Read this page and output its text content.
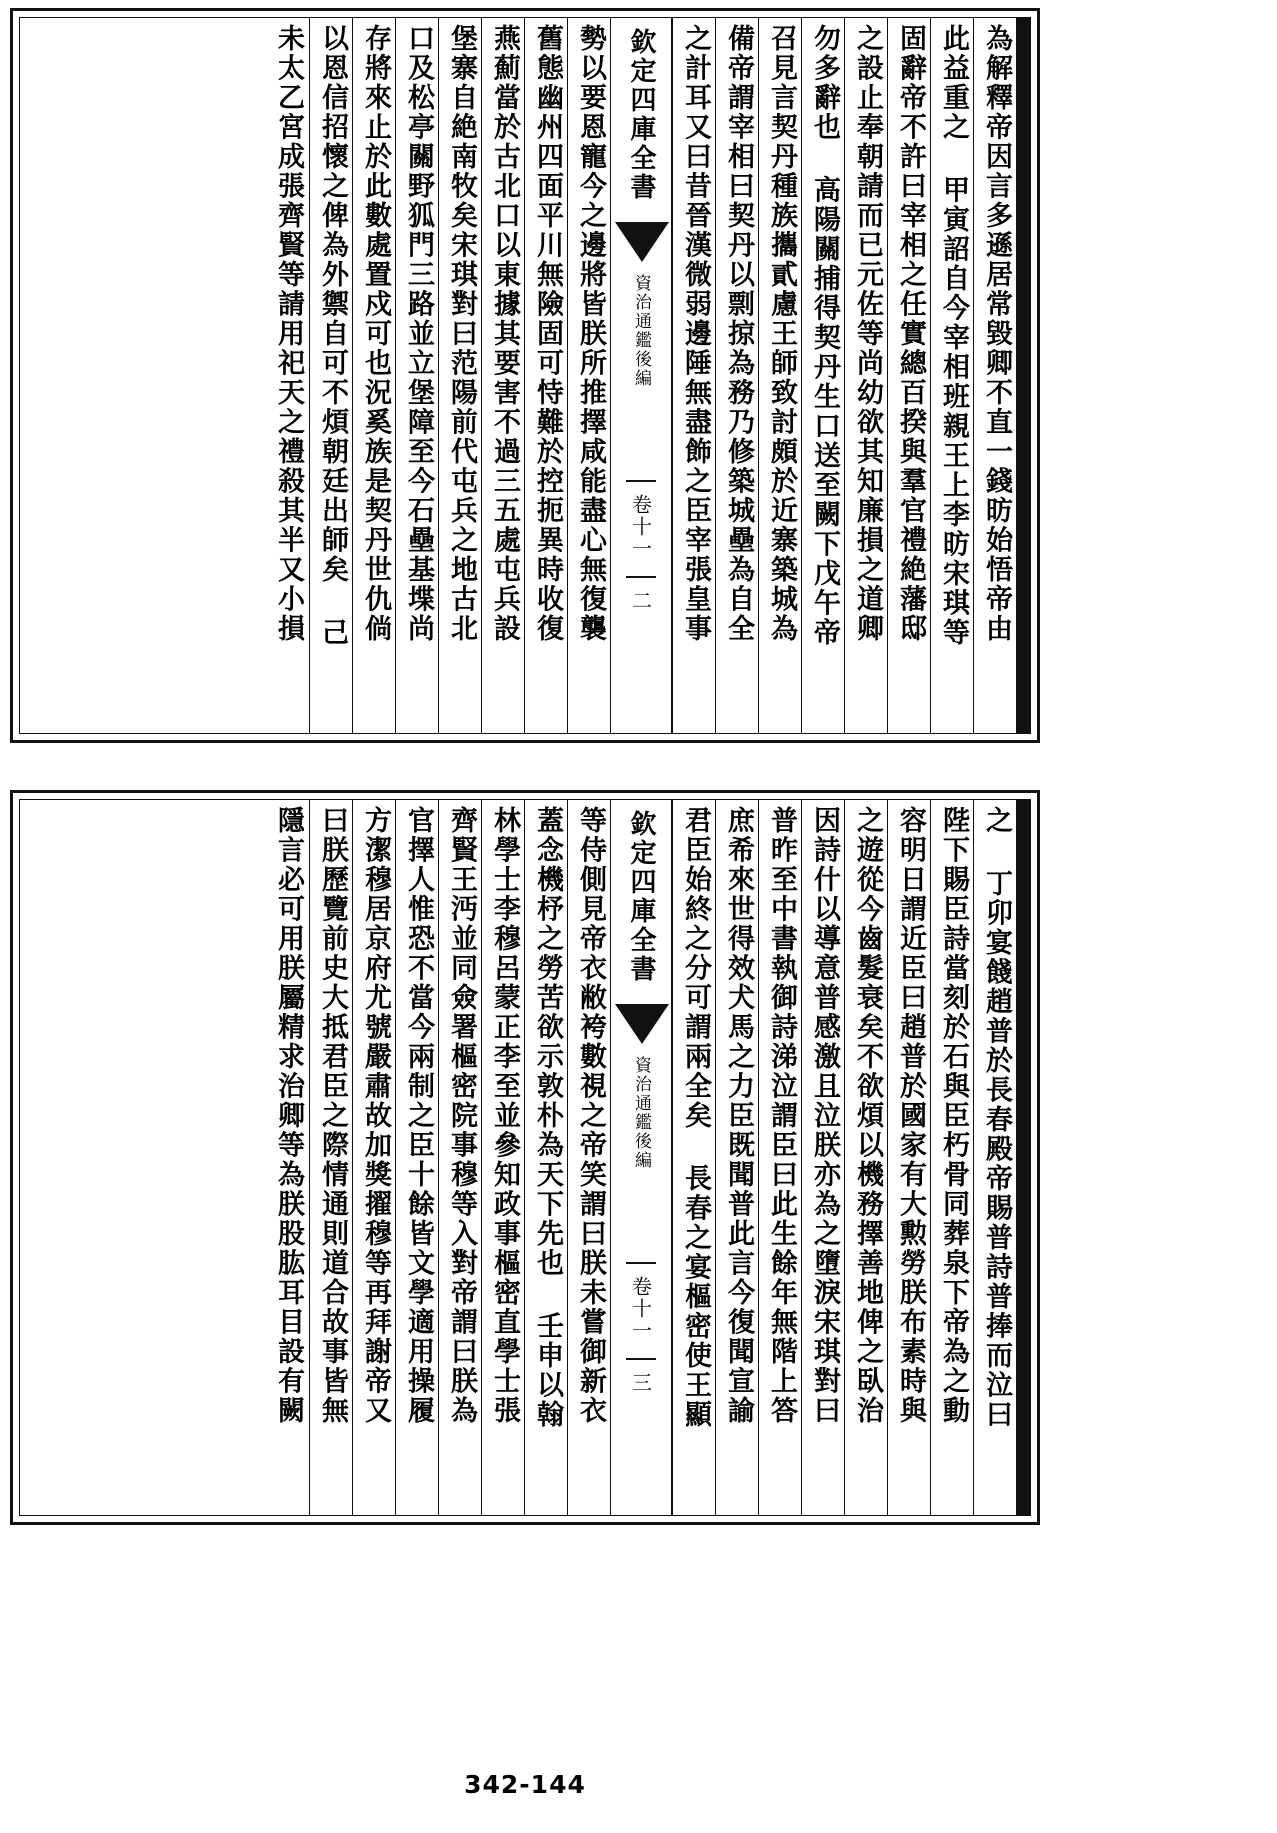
為解釋帝因言多遜居常毀卿不直一錢昉始悟帝由
此益重之 甲寅詔自今宰相班親王上李昉宋琪等
固辭帝不許曰宰相之任實總百揆與羣官禮絶藩邸
之設止奉朝請而已元佐等尚幼欲其知廉損之道卿
勿多辭也 高陽關捕得契丹生口送至闕下戊午帝
召見言契丹種族攜貳慮王師致討頗於近寨築城為
備帝謂宰相曰契丹以剽掠為務乃修築城壘為自全
之計耳又曰昔晉漢微弱邊陲無盡飾之臣宰張皇事
欽定四庫全書
資治通鑑後編
卷十一
二
勢以要恩寵今之邊將皆朕所推擇咸能盡心無復襲
舊態幽州四面平川無險固可恃難於控扼異時收復
燕薊當於古北口以東據其要害不過三五處屯兵設
堡寨自絶南牧矣宋琪對曰范陽前代屯兵之地古北
口及松亭關野狐門三路並立堡障至今石壘基堞尚
存將來止於此數處置戍可也況奚族是契丹世仇倘
以恩信招懷之俾為外禦自可不煩朝廷出師矣 己
未太乙宮成張齊賢等請用祀天之禮殺其半又小損
之 丁卯宴餞趙普於長春殿帝賜普詩普捧而泣曰
陛下賜臣詩當刻於石與臣朽骨同葬泉下帝為之動
容明日謂近臣曰趙普於國家有大勲勞朕布素時與
之遊從今齒髮衰矣不欲煩以機務擇善地俾之臥治
因詩什以導意普感激且泣朕亦為之墮淚宋琪對曰
普昨至中書執御詩涕泣謂臣曰此生餘年無階上答
庶希來世得效犬馬之力臣既聞普此言今復聞宣諭
君臣始終之分可謂兩全矣 長春之宴樞密使王顯
欽定四庫全書
資治通鑑後編
卷十一
三
等侍側見帝衣敝袴數視之帝笑謂曰朕未嘗御新衣
蓋念機杼之勞苦欲示敦朴為天下先也 壬申以翰
林學士李穆呂蒙正李至並參知政事樞密直學士張
齊賢王沔並同僉署樞密院事穆等入對帝謂曰朕為
官擇人惟恐不當今兩制之臣十餘皆文學適用操履
方潔穆居京府尤號嚴肅故加獎擢穆等再拜謝帝又
曰朕歷覽前史大抵君臣之際情通則道合故事皆無
隱言必可用朕屬精求治卿等為朕股肱耳目設有闕
342-144
